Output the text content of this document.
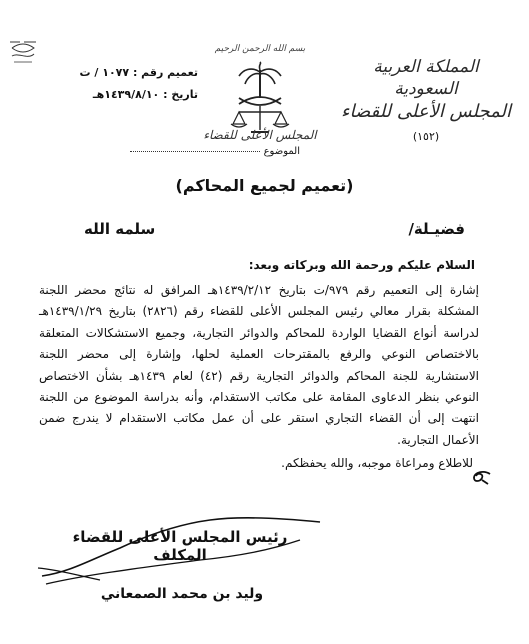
تعميم رقم : ١٠٧٧ / ت
تاريخ : ١٤٣٩/٨/١٠هـ
الموضوع
بسم الله الرحمن الرحيم
المجلس الأعلى للقضاء
المملكة العربية السعودية
المجلس الأعلى للقضاء
(١٥٢)
(تعميم لجميع المحاكم)
فضيـلة/
سلمه الله
السلام عليكم ورحمة الله وبركاته وبعد:
إشارة إلى التعميم رقم ٩٧٩/ت بتاريخ ١٤٣٩/٢/١٢هـ المرافق له نتائج محضر اللجنة المشكلة بقرار معالي رئيس المجلس الأعلى للقضاء رقم (٢٨٢٦) بتاريخ ١٤٣٩/١/٢٩هـ لدراسة أنواع القضايا الواردة للمحاكم والدوائر التجارية، وجميع الاستشكالات المتعلقة بالاختصاص النوعي والرفع بالمقترحات العملية لحلها، وإشارة إلى محضر اللجنة الاستشارية للجنة المحاكم والدوائر التجارية رقم (٤٢) لعام ١٤٣٩هـ بشأن الاختصاص النوعي بنظر الدعاوى المقامة على مكاتب الاستقدام، وأنه بدراسة الموضوع من اللجنة انتهت إلى أن القضاء التجاري استقر على أن عمل مكاتب الاستقدام لا يندرج ضمن الأعمال التجارية.
للاطلاع ومراعاة موجبه، والله يحفظكم.
رئيس المجلس الأعلى للقضاء المكلف
وليد بن محمد الصمعاني
